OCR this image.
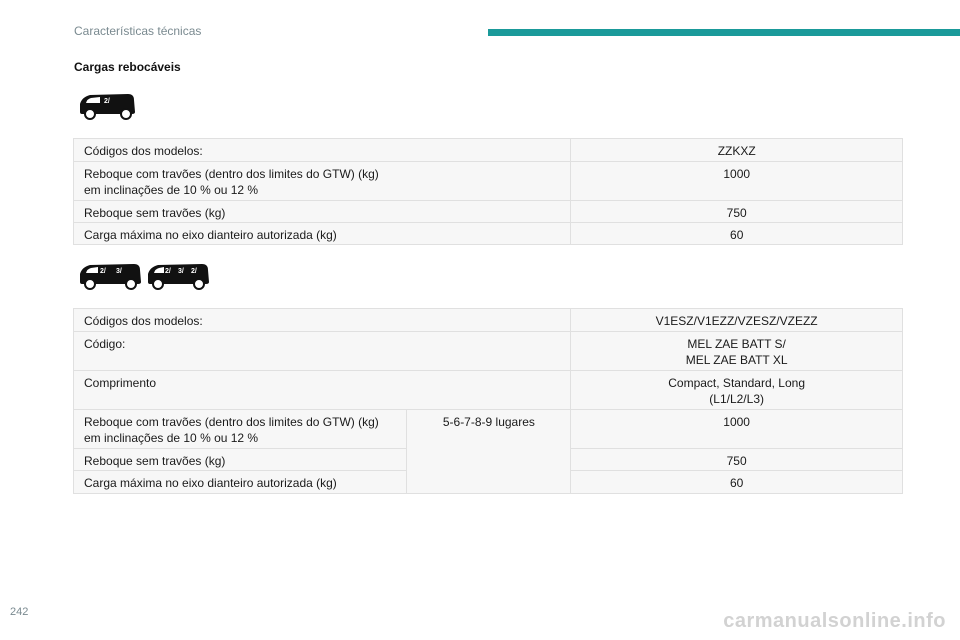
Características técnicas
Cargas rebocáveis
2/
Códigos dos modelos:	ZZKXZ
Reboque com travões (dentro dos limites do GTW) (kg)
em inclinações de 10 % ou 12 %	1000
Reboque sem travões (kg)	750
Carga máxima no eixo dianteiro autorizada (kg)	60
2/ 3/	2/ 3/ 2/
Códigos dos modelos:		V1ESZ/V1EZZ/VZESZ/VZEZZ
Código:		MEL ZAE BATT S/
MEL ZAE BATT XL
Comprimento		Compact, Standard, Long
(L1/L2/L3)
Reboque com travões (dentro dos limites do GTW) (kg)
em inclinações de 10 % ou 12 %	5-6-7-8-9 lugares	1000
Reboque sem travões (kg)		750
Carga máxima no eixo dianteiro autorizada (kg)		60
242	carmanualsonline.info
